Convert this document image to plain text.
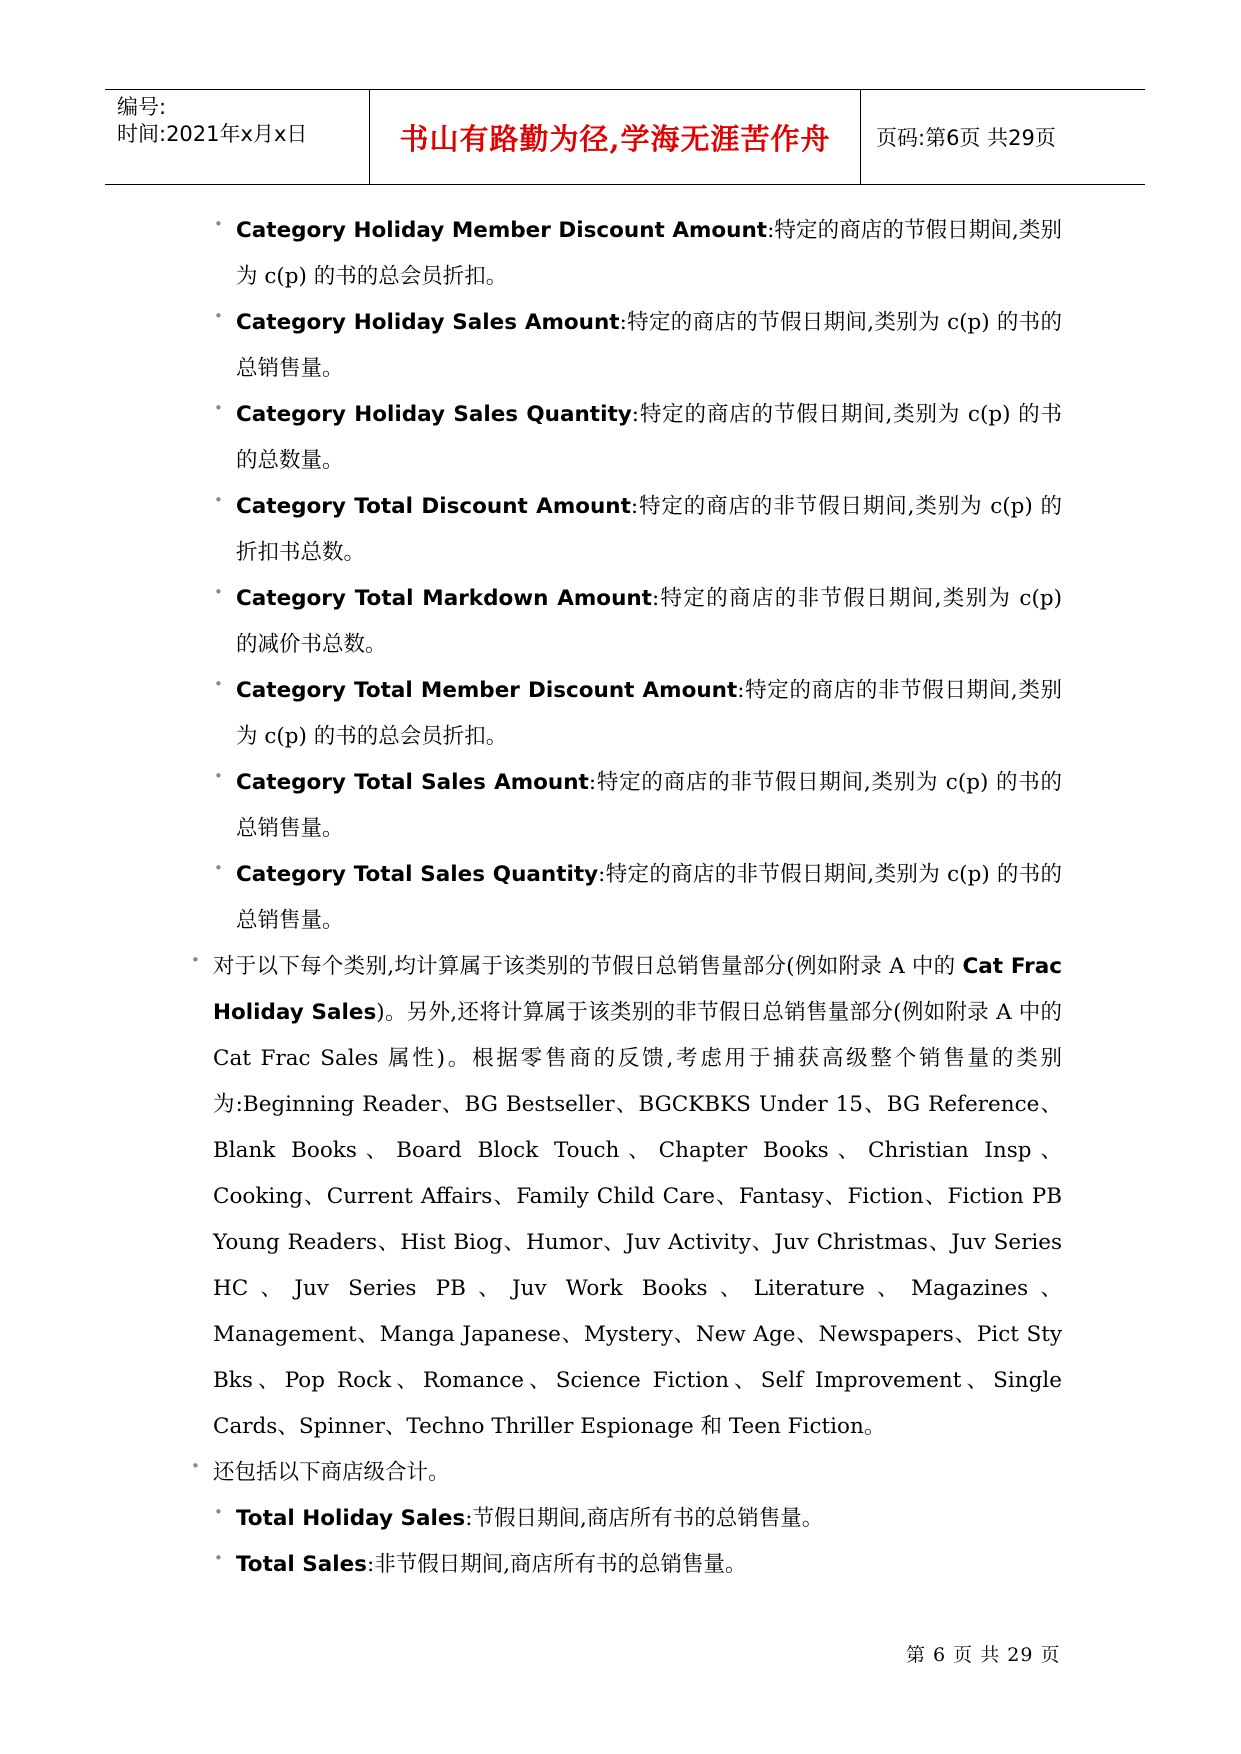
编号:
时间:2021年x月x日	书山有路勤为径,学海无涯苦作舟 页码:第6页 共29页
• Category Holiday Member Discount Amount:特定的商店的节假日期间,类别为 c(p) 的书的总会员折扣。
• Category Holiday Sales Amount:特定的商店的节假日期间,类别为 c(p) 的书的总销售量。
• Category Holiday Sales Quantity:特定的商店的节假日期间,类别为 c(p) 的书的总数量。
• Category Total Discount Amount:特定的商店的非节假日期间,类别为 c(p) 的折扣书总数。
• Category Total Markdown Amount:特定的商店的非节假日期间,类别为 c(p) 的减价书总数。
• Category Total Member Discount Amount:特定的商店的非节假日期间,类别为 c(p) 的书的总会员折扣。
• Category Total Sales Amount:特定的商店的非节假日期间,类别为 c(p) 的书的总销售量。
• Category Total Sales Quantity:特定的商店的非节假日期间,类别为 c(p) 的书的总销售量。
• 对于以下每个类别,均计算属于该类别的节假日总销售量部分(例如附录 A 中的 Cat Frac Holiday Sales)。另外,还将计算属于该类别的非节假日总销售量部分(例如附录 A 中的 Cat Frac Sales 属性)。根据零售商的反馈,考虑用于捕获高级整个销售量的类别为:Beginning Reader、BG Bestseller、BGCKBKS Under 15、BG Reference、Blank Books、Board Block Touch、Chapter Books、Christian Insp、Cooking、Current Affairs、Family Child Care、Fantasy、Fiction、Fiction PB Young Readers、Hist Biog、Humor、Juv Activity、Juv Christmas、Juv Series HC、Juv Series PB、Juv Work Books、Literature、Magazines、Management、Manga Japanese、Mystery、New Age、Newspapers、Pict Sty Bks、Pop Rock、Romance、Science Fiction、Self Improvement、Single Cards、Spinner、Techno Thriller Espionage 和 Teen Fiction。
• 还包括以下商店级合计。
• Total Holiday Sales:节假日期间,商店所有书的总销售量。
• Total Sales:非节假日期间,商店所有书的总销售量。
第 6 页 共 29 页
